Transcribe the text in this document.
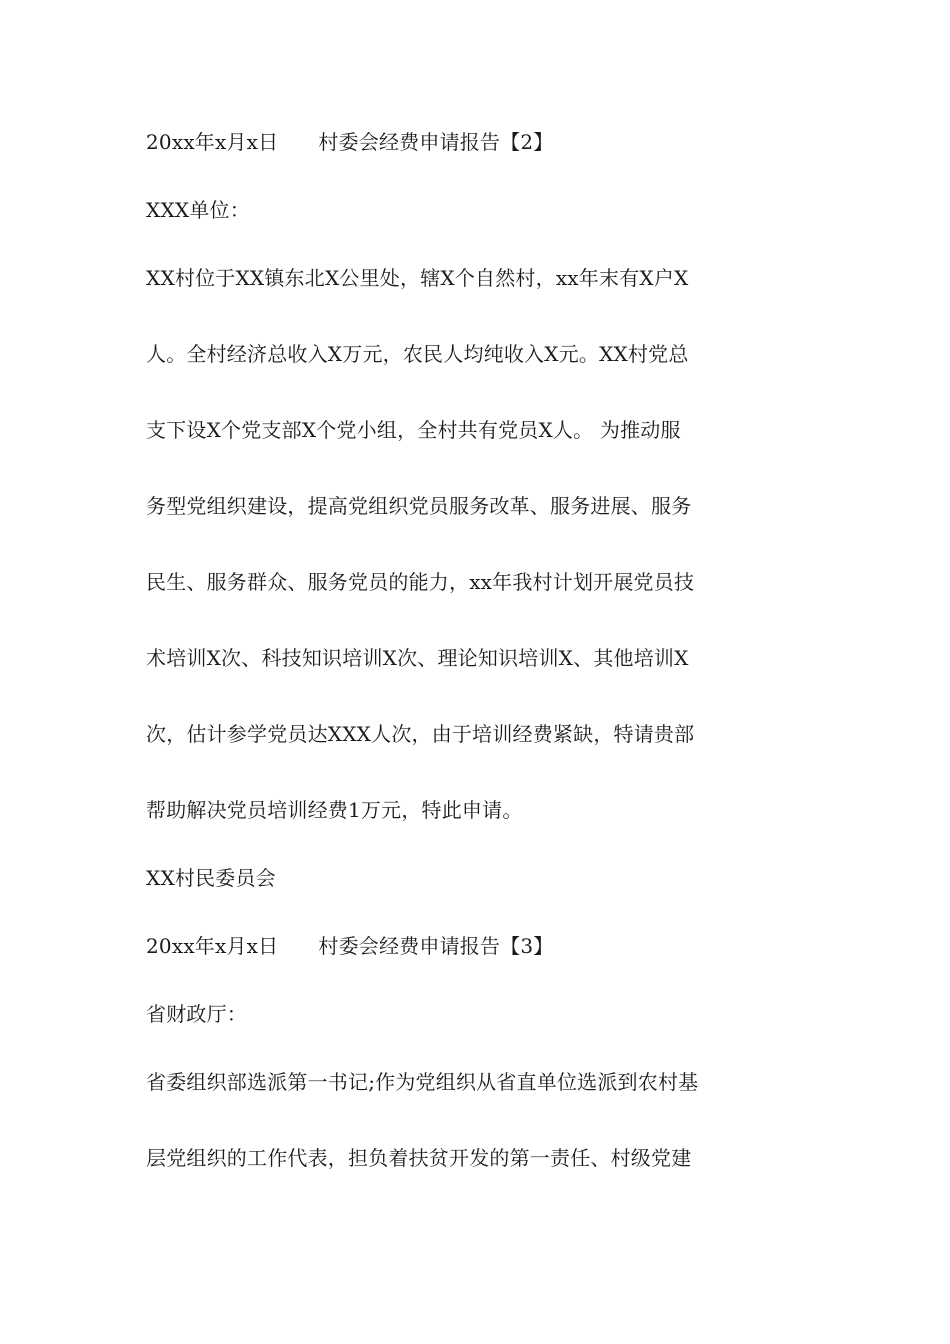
20xx年x月x日 村委会经费申请报告【2】

XXX单位：

XX村位于XX镇东北X公里处，辖X个自然村，xx年末有X户X

人。全村经济总收入X万元，农民人均纯收入X元。XX村党总

支下设X个党支部X个党小组，全村共有党员X人。 为推动服

务型党组织建设，提高党组织党员服务改革、服务进展、服务

民生、服务群众、服务党员的能力，xx年我村计划开展党员技

术培训X次、科技知识培训X次、理论知识培训X、其他培训X

次，估计参学党员达XXX人次，由于培训经费紧缺，特请贵部

帮助解决党员培训经费1万元，特此申请。

XX村民委员会

20xx年x月x日 村委会经费申请报告【3】

省财政厅：

省委组织部选派第一书记;作为党组织从省直单位选派到农村基

层党组织的工作代表，担负着扶贫开发的第一责任、村级党建
